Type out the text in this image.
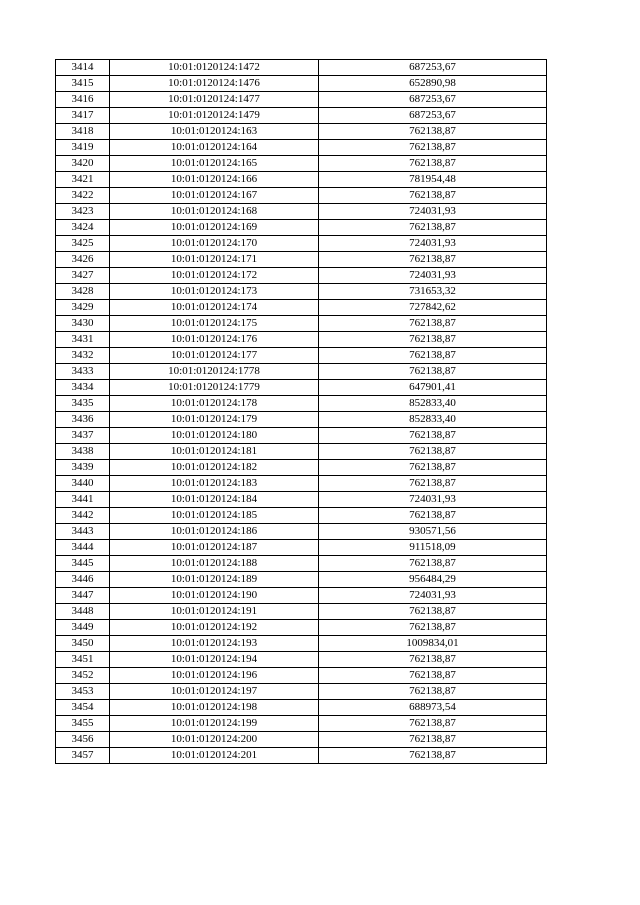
3414	10:01:0120124:1472	687253,67
3415	10:01:0120124:1476	652890,98
3416	10:01:0120124:1477	687253,67
3417	10:01:0120124:1479	687253,67
3418	10:01:0120124:163	762138,87
3419	10:01:0120124:164	762138,87
3420	10:01:0120124:165	762138,87
3421	10:01:0120124:166	781954,48
3422	10:01:0120124:167	762138,87
3423	10:01:0120124:168	724031,93
3424	10:01:0120124:169	762138,87
3425	10:01:0120124:170	724031,93
3426	10:01:0120124:171	762138,87
3427	10:01:0120124:172	724031,93
3428	10:01:0120124:173	731653,32
3429	10:01:0120124:174	727842,62
3430	10:01:0120124:175	762138,87
3431	10:01:0120124:176	762138,87
3432	10:01:0120124:177	762138,87
3433	10:01:0120124:1778	762138,87
3434	10:01:0120124:1779	647901,41
3435	10:01:0120124:178	852833,40
3436	10:01:0120124:179	852833,40
3437	10:01:0120124:180	762138,87
3438	10:01:0120124:181	762138,87
3439	10:01:0120124:182	762138,87
3440	10:01:0120124:183	762138,87
3441	10:01:0120124:184	724031,93
3442	10:01:0120124:185	762138,87
3443	10:01:0120124:186	930571,56
3444	10:01:0120124:187	911518,09
3445	10:01:0120124:188	762138,87
3446	10:01:0120124:189	956484,29
3447	10:01:0120124:190	724031,93
3448	10:01:0120124:191	762138,87
3449	10:01:0120124:192	762138,87
3450	10:01:0120124:193	1009834,01
3451	10:01:0120124:194	762138,87
3452	10:01:0120124:196	762138,87
3453	10:01:0120124:197	762138,87
3454	10:01:0120124:198	688973,54
3455	10:01:0120124:199	762138,87
3456	10:01:0120124:200	762138,87
3457	10:01:0120124:201	762138,87
